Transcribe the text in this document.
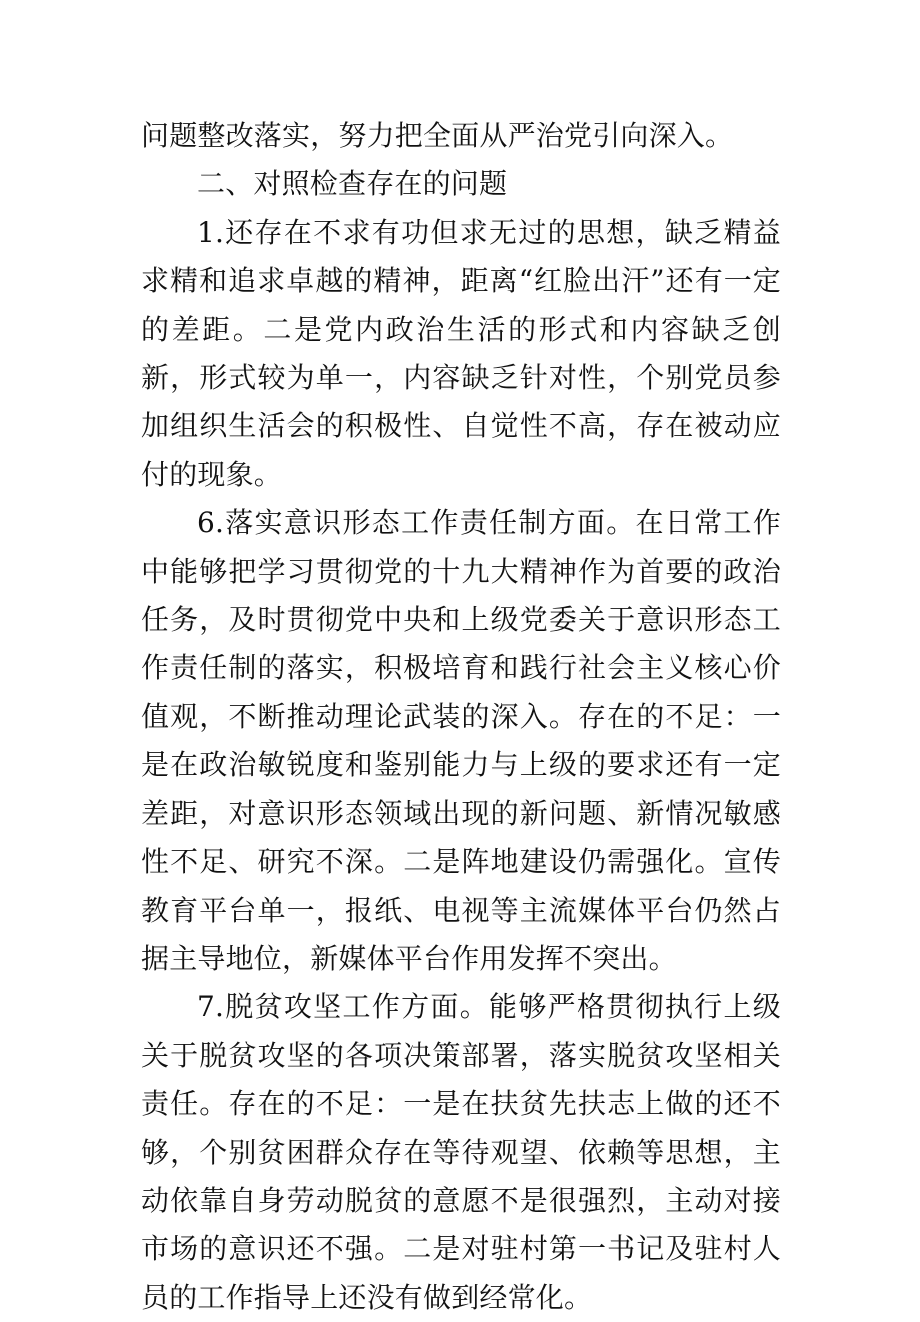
问题整改落实，努力把全面从严治党引向深入。

二、对照检查存在的问题

1.还存在不求有功但求无过的思想，缺乏精益求精和追求卓越的精神，距离“红脸出汗”还有一定的差距。二是党内政治生活的形式和内容缺乏创新，形式较为单一，内容缺乏针对性，个别党员参加组织生活会的积极性、自觉性不高，存在被动应付的现象。

6.落实意识形态工作责任制方面。在日常工作中能够把学习贯彻党的十九大精神作为首要的政治任务，及时贯彻党中央和上级党委关于意识形态工作责任制的落实，积极培育和践行社会主义核心价值观，不断推动理论武装的深入。存在的不足：一是在政治敏锐度和鉴别能力与上级的要求还有一定差距，对意识形态领域出现的新问题、新情况敏感性不足、研究不深。二是阵地建设仍需强化。宣传教育平台单一，报纸、电视等主流媒体平台仍然占据主导地位，新媒体平台作用发挥不突出。

7.脱贫攻坚工作方面。能够严格贯彻执行上级关于脱贫攻坚的各项决策部署，落实脱贫攻坚相关责任。存在的不足：一是在扶贫先扶志上做的还不够，个别贫困群众存在等待观望、依赖等思想，主动依靠自身劳动脱贫的意愿不是很强烈，主动对接市场的意识还不强。二是对驻村第一书记及驻村人员的工作指导上还没有做到经常化。
